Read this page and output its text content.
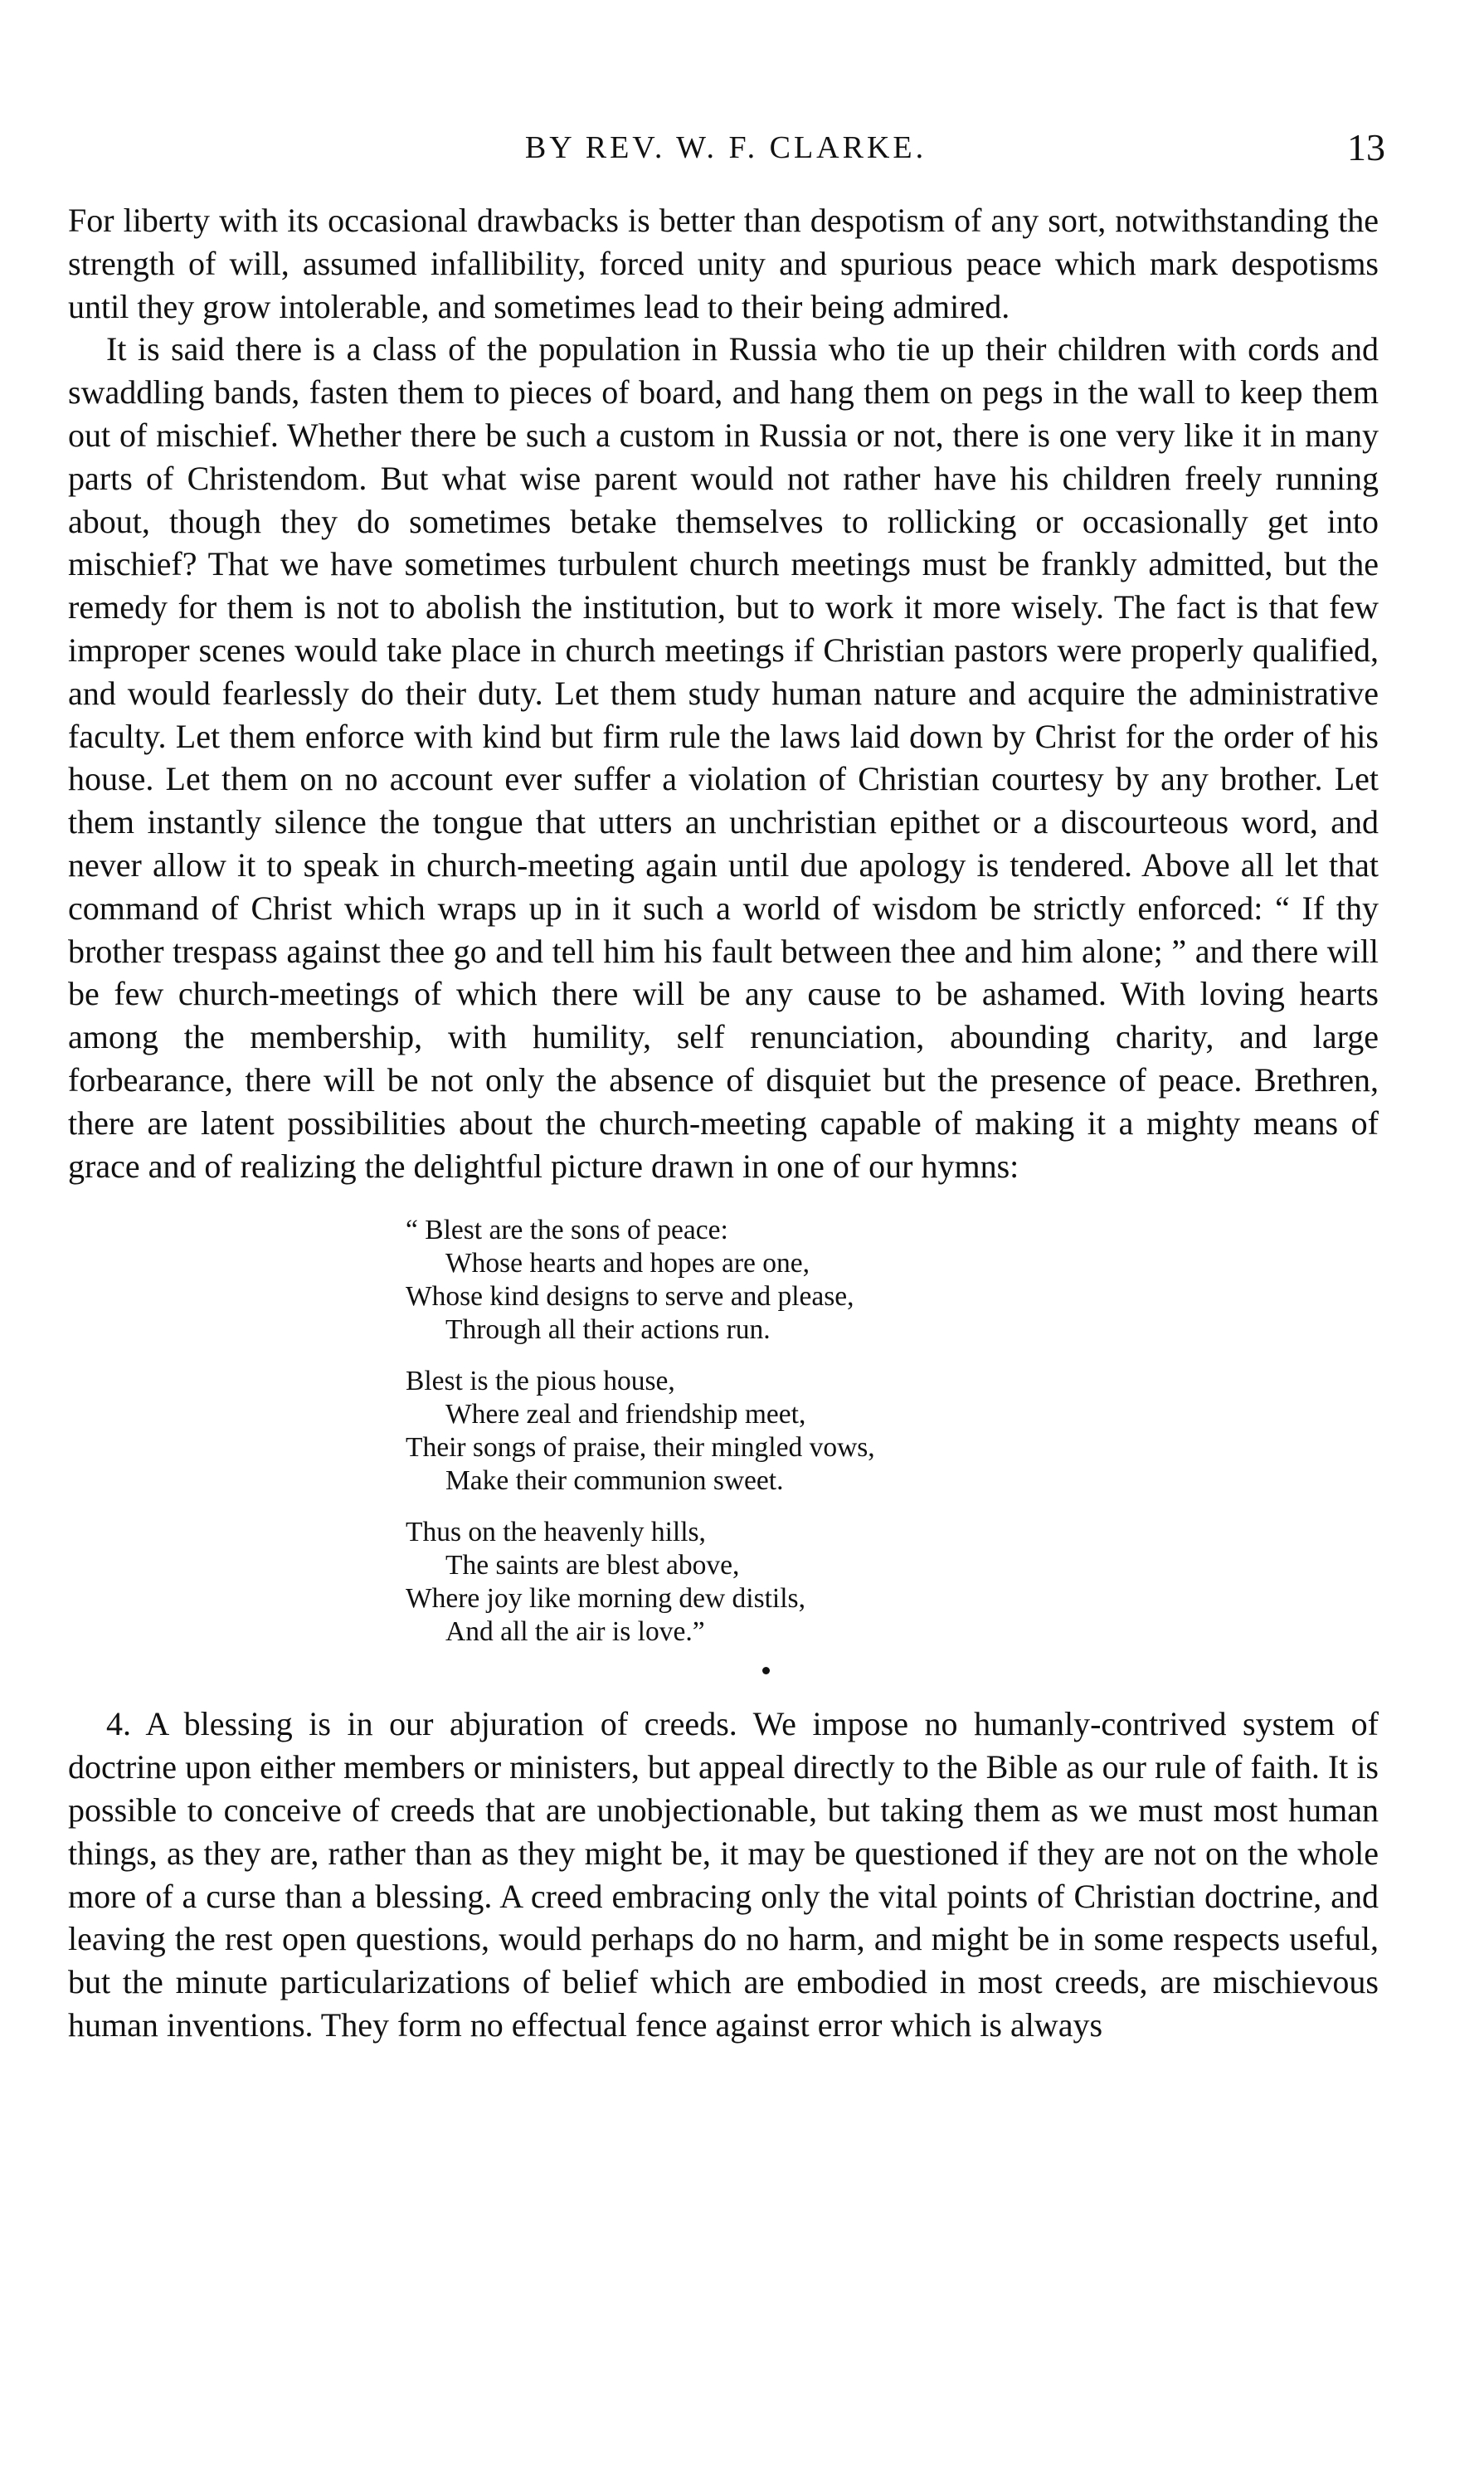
BY REV. W. F. CLARKE.	13

For liberty with its occasional drawbacks is better than despotism of any sort, notwithstanding the strength of will, assumed infallibility, forced unity and spurious peace which mark despotisms until they grow intolerable, and sometimes lead to their being admired.

It is said there is a class of the population in Russia who tie up their children with cords and swaddling bands, fasten them to pieces of board, and hang them on pegs in the wall to keep them out of mischief. Whether there be such a custom in Russia or not, there is one very like it in many parts of Christendom. But what wise parent would not rather have his children freely running about, though they do sometimes betake themselves to rollicking or occasionally get into mischief? That we have sometimes turbulent church meetings must be frankly admitted, but the remedy for them is not to abolish the institution, but to work it more wisely. The fact is that few improper scenes would take place in church meetings if Christian pastors were properly qualified, and would fearlessly do their duty. Let them study human nature and acquire the administrative faculty. Let them enforce with kind but firm rule the laws laid down by Christ for the order of his house. Let them on no account ever suffer a violation of Christian courtesy by any brother. Let them instantly silence the tongue that utters an unchristian epithet or a discourteous word, and never allow it to speak in church-meeting again until due apology is tendered. Above all let that command of Christ which wraps up in it such a world of wisdom be strictly enforced: “ If thy brother trespass against thee go and tell him his fault between thee and him alone; ” and there will be few church-meetings of which there will be any cause to be ashamed. With loving hearts among the membership, with humility, self renunciation, abounding charity, and large forbearance, there will be not only the absence of disquiet but the presence of peace. Brethren, there are latent possibilities about the church-meeting capable of making it a mighty means of grace and of realizing the delightful picture drawn in one of our hymns:

“ Blest are the sons of peace:
Whose hearts and hopes are one,
Whose kind designs to serve and please,
Through all their actions run.
Blest is the pious house,
Where zeal and friendship meet,
Their songs of praise, their mingled vows,
Make their communion sweet.
Thus on the heavenly hills,
The saints are blest above,
Where joy like morning dew distils,
And all the air is love.”

4. A blessing is in our abjuration of creeds. We impose no humanly-contrived system of doctrine upon either members or ministers, but appeal directly to the Bible as our rule of faith. It is possible to conceive of creeds that are unobjectionable, but taking them as we must most human things, as they are, rather than as they might be, it may be questioned if they are not on the whole more of a curse than a blessing. A creed embracing only the vital points of Christian doctrine, and leaving the rest open questions, would perhaps do no harm, and might be in some respects useful, but the minute particularizations of belief which are embodied in most creeds, are mischievous human inventions. They form no effectual fence against error which is always
